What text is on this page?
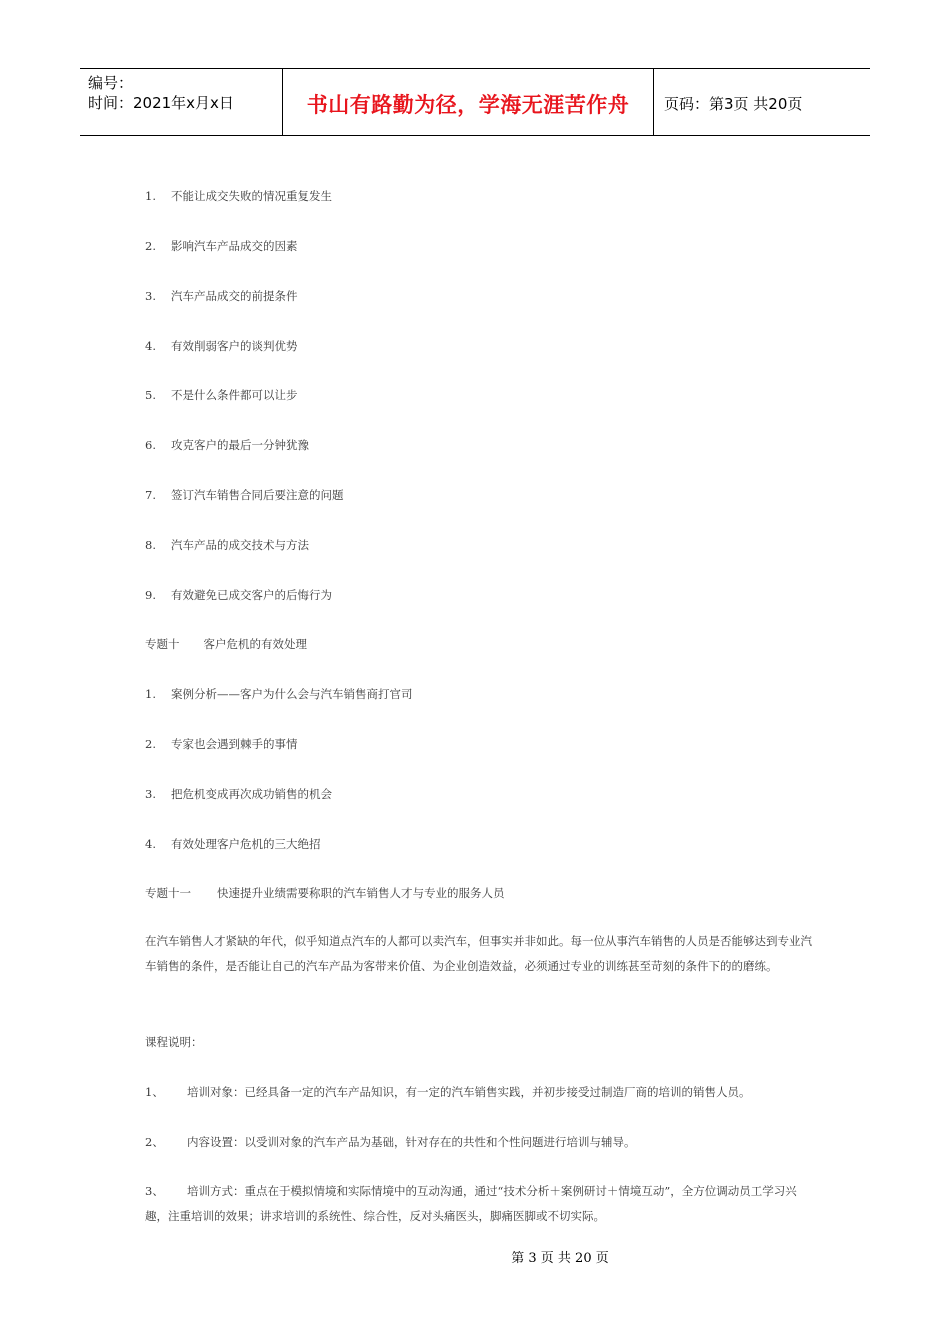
编号：
时间：2021年x月x日	书山有路勤为径，学海无涯苦作舟	页码：第3页 共20页
1. 不能让成交失败的情况重复发生
2. 影响汽车产品成交的因素
3. 汽车产品成交的前提条件
4. 有效削弱客户的谈判优势
5. 不是什么条件都可以让步
6. 攻克客户的最后一分钟犹豫
7. 签订汽车销售合同后要注意的问题
8. 汽车产品的成交技术与方法
9. 有效避免已成交客户的后悔行为
专题十 客户危机的有效处理
1. 案例分析——客户为什么会与汽车销售商打官司
2. 专家也会遇到棘手的事情
3. 把危机变成再次成功销售的机会
4. 有效处理客户危机的三大绝招
专题十一 快速提升业绩需要称职的汽车销售人才与专业的服务人员
在汽车销售人才紧缺的年代，似乎知道点汽车的人都可以卖汽车，但事实并非如此。每一位从事汽车销售的人员是否能够达到专业汽车销售的条件，是否能让自己的汽车产品为客带来价值、为企业创造效益，必须通过专业的训练甚至苛刻的条件下的的磨练。
课程说明：
1、 培训对象：已经具备一定的汽车产品知识，有一定的汽车销售实践，并初步接受过制造厂商的培训的销售人员。
2、 内容设置：以受训对象的汽车产品为基础，针对存在的共性和个性问题进行培训与辅导。
3、 培训方式：重点在于模拟情境和实际情境中的互动沟通，通过“技术分析＋案例研讨＋情境互动”，全方位调动员工学习兴趣，注重培训的效果；讲求培训的系统性、综合性，反对头痛医头，脚痛医脚或不切实际。
第 3 页 共 20 页
